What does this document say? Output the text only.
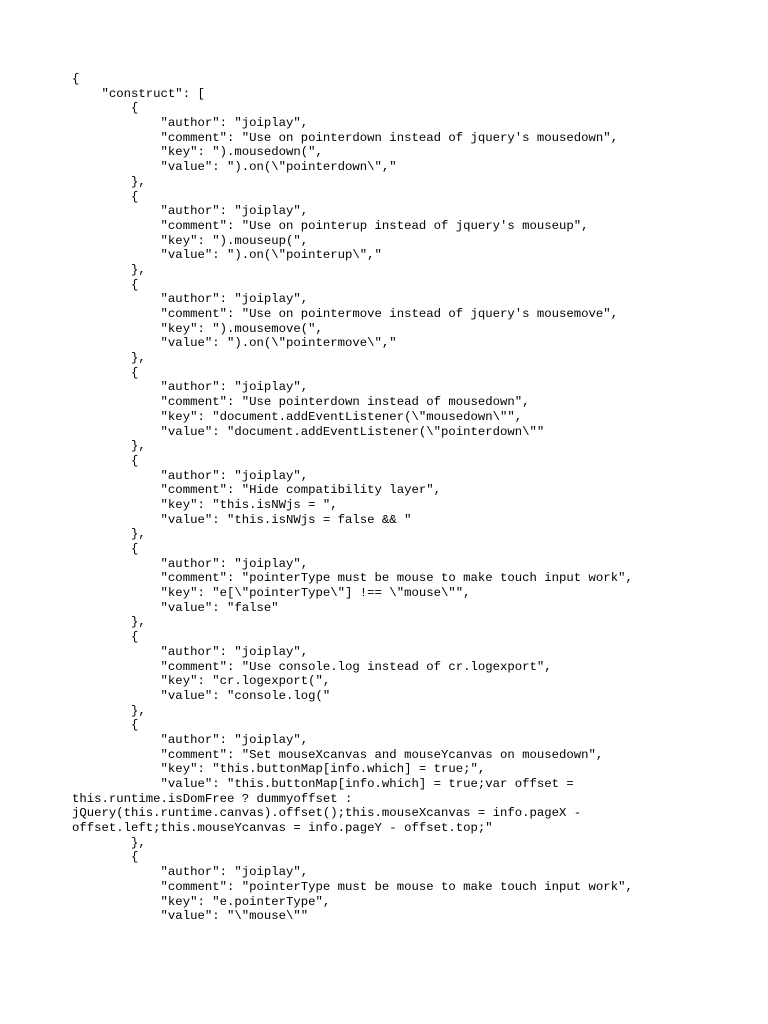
{
"construct": [
{
"author": "joiplay",
"comment": "Use on pointerdown instead of jquery's mousedown",
"key": ").mousedown(",
"value": ").on(\"pointerdown\","
},
{
"author": "joiplay",
"comment": "Use on pointerup instead of jquery's mouseup",
"key": ").mouseup(",
"value": ").on(\"pointerup\","
},
{
"author": "joiplay",
"comment": "Use on pointermove instead of jquery's mousemove",
"key": ").mousemove(",
"value": ").on(\"pointermove\","
},
{
"author": "joiplay",
"comment": "Use pointerdown instead of mousedown",
"key": "document.addEventListener(\"mousedown\"",
"value": "document.addEventListener(\"pointerdown\""
},
{
"author": "joiplay",
"comment": "Hide compatibility layer",
"key": "this.isNWjs = ",
"value": "this.isNWjs = false && "
},
{
"author": "joiplay",
"comment": "pointerType must be mouse to make touch input work",
"key": "e[\"pointerType\"] !== \"mouse\"",
"value": "false"
},
{
"author": "joiplay",
"comment": "Use console.log instead of cr.logexport",
"key": "cr.logexport(",
"value": "console.log("
},
{
"author": "joiplay",
"comment": "Set mouseXcanvas and mouseYcanvas on mousedown",
"key": "this.buttonMap[info.which] = true;",
"value": "this.buttonMap[info.which] = true;var offset =
this.runtime.isDomFree ? dummyoffset :
jQuery(this.runtime.canvas).offset();this.mouseXcanvas = info.pageX -
offset.left;this.mouseYcanvas = info.pageY - offset.top;"
},
{
"author": "joiplay",
"comment": "pointerType must be mouse to make touch input work",
"key": "e.pointerType",
"value": "\"mouse\""
